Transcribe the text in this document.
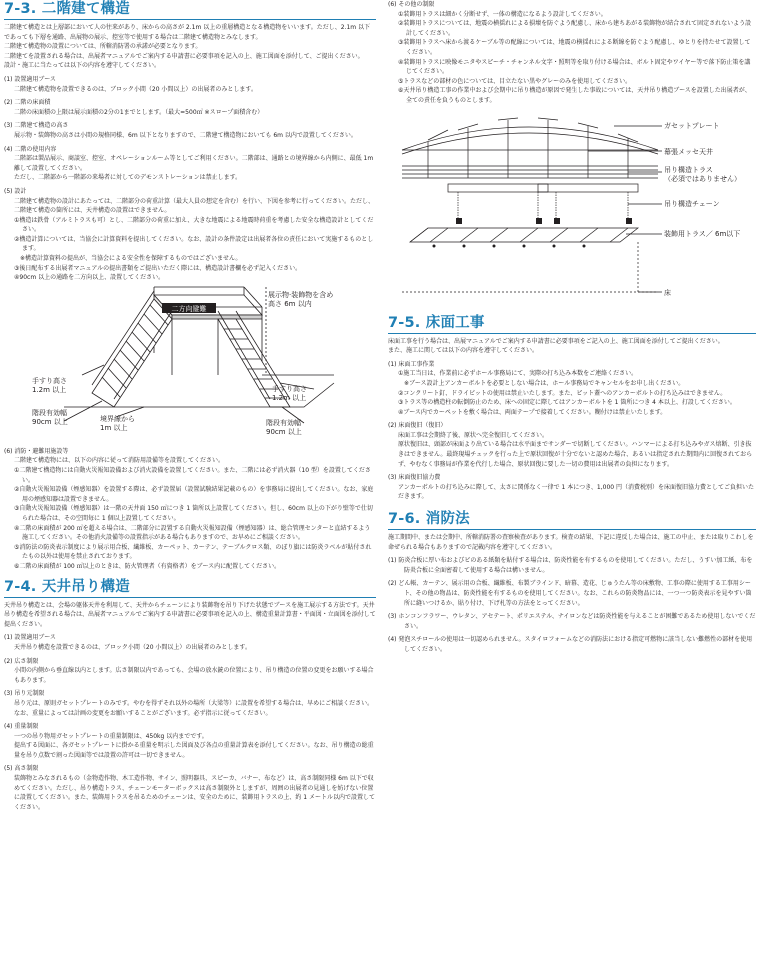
7-3. 二階建て構造
二階建て構造とは上層部において人の往来があり、床からの高さが 2.1m 以上の重層構造となる構造物をいいます。ただし、2.1m 以下であっても下層を通路、出展物の展示、控室等で使用する場合は二階建て構造物とみなします。
二階建て構造物の設置については、所轄消防署の承諾が必要となります。
二階建てを設置される場合は、出展者マニュアルでご案内する申請書に必要事項を記入の上、施工図面を添付して、ご提出ください。
設計・施工に当たっては以下の内容を遵守してください。
(1) 設置適用ブース
二階建て構造物を設置できるのは、ブロック小間（20 小間以上）の出展者のみとします。
(2) 二階の床面積
二階の床面積の上限は展示面積の2分の1までとします。（最大=500㎡ ※スロープ面積含む）
(3) 二階建て構造の高さ
展示物・装飾物の高さは小間の規格同様、6m 以下となりますので、二階建て構造物においても 6m 以内で設置してください。
(4) 二階の使用内容
二階部は製品展示、商談室、控室、オペレーションルーム等としてご利用ください。二階部は、通路との境界線から内側に、最低 1m 離して設置してください。
ただし、二階部から一階部の来場者に対してのデモンストレーションは禁止します。
(5) 設計
二階建て構造物の設計にあたっては、二階部分の荷重計算（最大人員の想定を含む）を行い、下図を参考に行ってください。ただし、二階建て構造の箇所には、天井構造の設置はできません。
①構造は鉄骨（アルミトラスも可）とし、二階部分の荷重に加え、大きな地震による地震時荷重を考慮した安全な構造設計としてください。
②構造計算については、当協会に計算資料を提出してください。なお、設計の条件設定は出展者各位の責任において実施するものとします。
　※構造計算資料の提出が、当協会による安全性を保障するものではございません。
③後日配布する出展者マニュアルの提出書類をご提出いただく際には、構造設計書欄を必ず記入ください。
④90cm 以上の通路を二方向以上、設置してください。
二方向避難
展示物·装飾物を含め 高さ 6m 以内
手すり高さ 1.2m 以上
階段有効幅 90cm 以上	境界線から 1m 以上
手すり高さ 1.2m 以上
階段有効幅 90cm 以上
(6) 消防・避難用施設等
二階建て構造物には、以下の内容に従って消防用設備等を設置してください。
①二階建て構造物には自動火災報知設備および消火設備を設置してください。また、二階には必ず消火器（10 型）を設置してください。
②自動火災報知設備（煙感知器）を設置する際は、必ず設置届（設置試験結果記載のもの）を事務局に提出してください。なお、家庭用の煙感知器は設置できません。
③自動火災報知設備（煙感知器）は一階の天井面 150 ㎡につき 1 箇所以上設置してください。但し、60cm 以上の下がり壁等で仕切られた場合は、その空間毎に 1 個以上設置してください。
④二階の床面積が 200 ㎡を超える場合は、二階部分に設置する自動火災報知設備（煙感知器）は、総合管理センターと直結するよう施工してください。その他消火設備等の設置指示がある場合もありますので、お早めにご相談ください。
⑤消防法の防炎表示制度により展示用合板、繊維板、カーペット、カーテン、テーブルクロス類、のぼり旗には防炎ラベルが貼付されたもの以外は使用を禁止されております。
⑥二階の床面積が 100 ㎡以上のときは、防火管理者（有資格者）をブース内に配置してください。
7-4. 天井吊り構造
天井吊り構造とは、会場の躯体天井を利用して、天井からチェーンにより装飾物を吊り下げた状態でブースを施工展示する方法です。天井吊り構造を希望される場合は、出展者マニュアルでご案内する申請書に必要事項を記入の上、構造重量計算書・平面図・立面図を添付して提出ください。
(1) 設置適用ブース
天井吊り構造を設置できるのは、ブロック小間（20 小間以上）の出展者のみとします。
(2) 広さ制限
小間の内側から垂直線以内とします。広さ制限以内であっても、会場の放水銃の位置により、吊り構造の位置の変更をお願いする場合もあります。
(3) 吊り元制限
吊り元は、原則ガセットプレートのみです。やむを得ずそれ以外の場所（大梁等）に設置を希望する場合は、早めにご相談ください。なお、重量によっては計画の変更をお願いすることがございます。必ず指示に従ってください。
(4) 重量制限
一つの吊り物用ガセットプレートの重量制限は、450kg 以内までです。
提出する図面に、各ガセットプレートに掛かる重量を明示した図面及び各点の重量計算表を添付してください。なお、吊り構造の総重量を吊り点数で割った図面等では設置の許可は一切できません。
(5) 高さ制限
装飾物とみなされるもの（金物造作物、木工造作物、サイン、照明器具、スピーカ、バナー、布など）は、高さ制限同様 6m 以下で収めてください。ただし、吊り構造トラス、チェーンモーターボックスは高さ制限外としますが、周囲の出展者の見通しを妨げない位置に設置してください。また、装飾用トラスを吊るためのチェーンは、安全のために、装飾用トラスの上、約 1 メートル以内で設置してください。
(6) その他の制限
①装飾用トラスは細かく分断せず、一体の構造になるよう設計してください。
②装飾用トラスについては、地震の横揺れによる損壊を防ぐよう配慮し、床から建ちあがる装飾物が結合されて固定されないよう設計してください。
③装飾用トラスへ床から渡るケーブル等の配線については、地震の横揺れによる断線を防ぐよう配慮し、ゆとりを持たせて設置してください。
④装飾用トラスに映像モニタやスピーチ・チャンネル文字・照明等を取り付ける場合は、ボルト固定やワイヤー等で落下防止策を講じてください。
⑤トラスなどの部材の色については、目立たない黒やグレーのみを使用してください。
⑥天井吊り構造工事の作業中および会期中に吊り構造が原因で発生した事故については、天井吊り構造ブースを設置した出展者が、全ての責任を負うものとします。
ガセットプレート
幕張メッセ天井
吊り構造トラス
（必須ではありません）
吊り構造チェーン
装飾用トラス／ 6m以下
床
7-5. 床面工事
床面工事を行う場合は、出展マニュアルでご案内する申請書に必要事項をご記入の上、施工図面を添付してご提出ください。
また、施工に関しては以下の内容を遵守してください。
(1) 床面工事作業
①施工当日は、作業前に必ずホール事務局にて、実際の打ち込み本数をご連絡ください。
　※ブース設計上アンカーボルトを必要としない場合は、ホール事務局でキャンセルをお申し出ください。
②コンクリート釘、ドライビットの使用は禁止いたします。また、ピット蓋へのアンカーボルトの打ち込みはできません。
③トラス等の構造柱の転倒防止のため、床への固定に際してはアンカーボルトを 1 箇所につき 4 本以上、打設してください。
④ブース内でカーペットを敷く場合は、両面テープで接着してください。糊付けは禁止いたします。
(2) 床面復旧（復旧）
床面工事は会期終了後、原状へ完全復旧してください。
原状復旧は、頭部が床面より出ている場合は水平面までサンダーで切断してください。ハンマーによる打ち込みやガス熔断、引き抜きはできません。最終現場チェックを行った上で原状回復が十分でないと認めた場合、あるいは指定された期間内に回復されておらず、やむなく事務局が作業を代行した場合、原状回復に要した一切の費用は出展者の負担になります。
(3) 床面復旧協力費
アンカーボルトの打ち込みに際して、太さに関係なく一律で 1 本につき、1,000 円（消費税別）を床面復旧協力費としてご負担いただきます。
7-6. 消防法
施工期間中、または会期中、所轄消防署の査察検査があります。検査の結果、下記に違反した場合は、施工の中止、または取りこわしを命ぜられる場合もありますので記載内容を遵守してください。
(1) 防炎合板に厚い布およびビのある紙類を貼付する場合は、防炎性能を有するものを使用してください。ただし、うすい加工紙、布を防炎合板に全面密着して使用する場合は構いません。
(2) どん帳、カーテン、展示用の合板、繊維板、布製ブラインド、暗幕、造花、じゅうたん等の床敷物、工事の際に使用する工事用シート、その他の物品は、防炎性能を有するものを使用してください。なお、これらの防炎物品には、一つ一つ防炎表示を見やすい箇所に縫いつけるか、貼り付け、下げ札等の方法をとってください。
(3) ホンコンフラワー、ウレタン、アセテート、ポリエステル、ナイロンなどは防炎性能を与えることが困難であるため使用しないでください。
(4) 発泡スチロールの使用は一切認められません。スタイロフォームなどの消防法における指定可燃物に該当しない難燃性の部材を使用してください。
